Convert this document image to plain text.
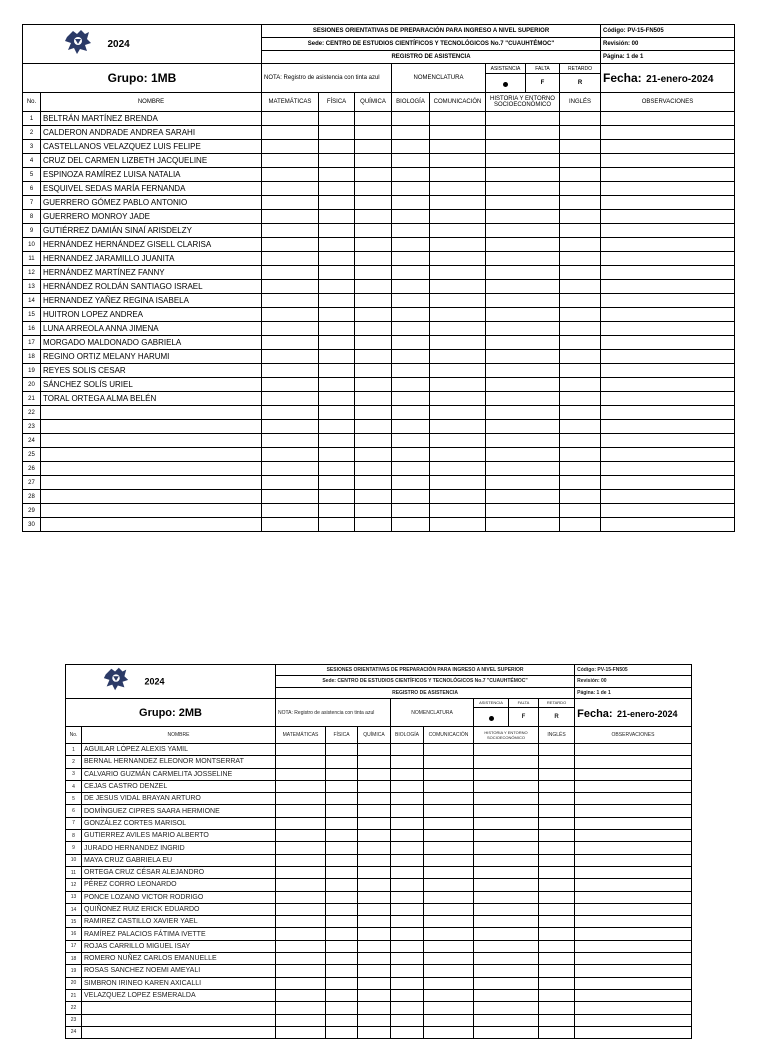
2024	SESIONES ORIENTATIVAS DE PREPARACIÓN PARA INGRESO A NIVEL SUPERIOR					Código: PV-15-FN505
	Sede: CENTRO DE ESTUDIOS CIENTÍFICOS Y TECNOLÓGICOS No.7 "CUAUHTÉMOC"					Revisión: 00
	REGISTRO DE ASISTENCIA					Página: 1 de 1
Grupo: 1MB	NOTA: Registro de asistencia con tinta azul	NOMENCLATURA	ASISTENCIA	FALTA	RETARDO	Fecha: 21-enero-2024
				F	R	
No.	NOMBRE	MATEMÁTICAS	FÍSICA	QUÍMICA	BIOLOGÍA	COMUNICACIÓN	HISTORIA Y ENTORNO SOCIOECONÓMICO	INGLÉS	OBSERVACIONES
1	BELTRÁN MARTÍNEZ BRENDA								
2	CALDERON ANDRADE ANDREA SARAHI								
3	CASTELLANOS VELAZQUEZ LUIS FELIPE								
4	CRUZ DEL CARMEN LIZBETH JACQUELINE								
5	ESPINOZA RAMÍREZ LUISA NATALIA								
6	ESQUIVEL SEDAS MARÍA FERNANDA								
7	GUERRERO GÓMEZ PABLO ANTONIO								
8	GUERRERO MONROY JADE								
9	GUTIÉRREZ DAMIÁN SINAÍ ARISDELZY								
10	HERNÁNDEZ HERNÁNDEZ GISELL CLARISA								
11	HERNANDEZ JARAMILLO JUANITA								
12	HERNÁNDEZ MARTÍNEZ FANNY								
13	HERNÁNDEZ ROLDÁN SANTIAGO ISRAEL								
14	HERNANDEZ YAÑEZ REGINA ISABELA								
15	HUITRON LOPEZ ANDREA								
16	LUNA ARREOLA ANNA JIMENA								
17	MORGADO MALDONADO GABRIELA								
18	REGINO ORTIZ MELANY HARUMI								
19	REYES SOLIS CESAR								
20	SÁNCHEZ SOLÍS URIEL								
21	TORAL ORTEGA ALMA BELÉN								
22									
23									
24									
25									
26									
27									
28									
29									
30									
2024	SESIONES ORIENTATIVAS DE PREPARACIÓN PARA INGRESO A NIVEL SUPERIOR					Código: PV-15-FN505
	Sede: CENTRO DE ESTUDIOS CIENTÍFICOS Y TECNOLÓGICOS No.7 "CUAUHTÉMOC"					Revisión: 00
	REGISTRO DE ASISTENCIA					Página: 1 de 1
Grupo: 2MB	NOTA: Registro de asistencia con tinta azul	NOMENCLATURA	ASISTENCIA	FALTA	RETARDO	Fecha: 21-enero-2024
				F	R	
No.	NOMBRE	MATEMÁTICAS	FÍSICA	QUÍMICA	BIOLOGÍA	COMUNICACIÓN	HISTORIA Y ENTORNO SOCIOECONÓMICO	INGLÉS	OBSERVACIONES
1	AGUILAR LÓPEZ ALEXIS YAMIL								
2	BERNAL HERNANDEZ ELEONOR MONTSERRAT								
3	CALVARIO GUZMÁN CARMELITA JOSSELINE								
4	CEJAS CASTRO DENZEL								
5	DE JESUS VIDAL BRAYAN ARTURO								
6	DOMÍNGUEZ CIPRES SAARA HERMIONE								
7	GONZÁLEZ CORTES MARISOL								
8	GUTIERREZ AVILES MARIO ALBERTO								
9	JURADO HERNANDEZ INGRID								
10	MAYA CRUZ GABRIELA EU								
11	ORTEGA CRUZ CÉSAR ALEJANDRO								
12	PÉREZ CORRO LEONARDO								
13	PONCE LOZANO VICTOR RODRIGO								
14	QUIÑONEZ RUIZ ERICK EDUARDO								
15	RAMIREZ CASTILLO XAVIER YAEL								
16	RAMÍREZ PALACIOS FÁTIMA IVETTE								
17	ROJAS CARRILLO MIGUEL ISAY								
18	ROMERO NUÑEZ CARLOS EMANUELLE								
19	ROSAS SANCHEZ NOEMI AMEYALI								
20	SIMBRON IRINEO KAREN AXICALLI								
21	VELAZQUEZ LOPEZ ESMERALDA								
22									
23									
24									
